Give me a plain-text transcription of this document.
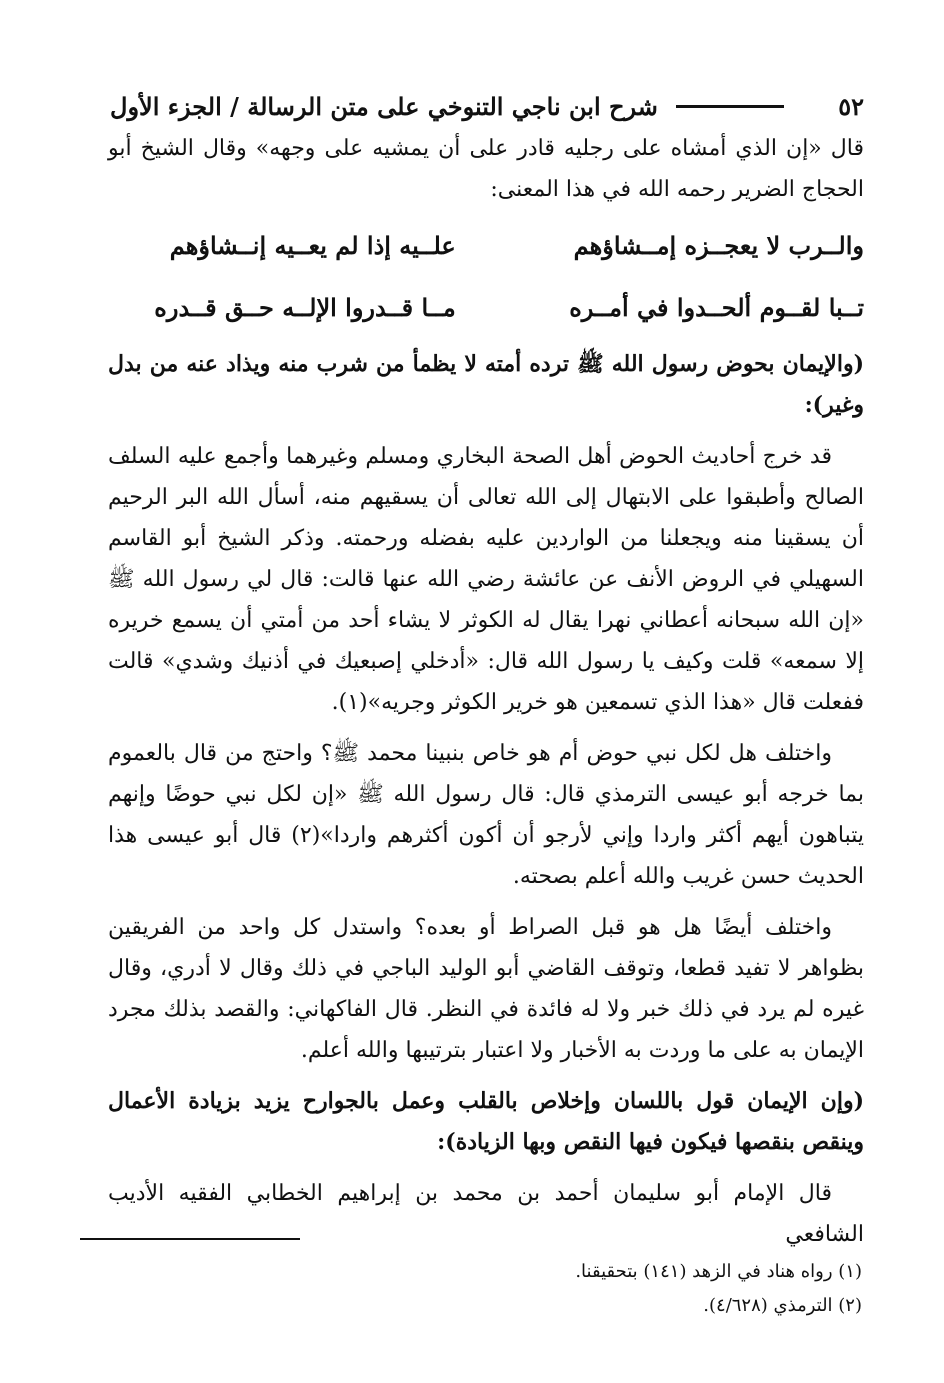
٥٢
شرح ابن ناجي التنوخي على متن الرسالة / الجزء الأول

قال «إن الذي أمشاه على رجليه قادر على أن يمشيه على وجهه» وقال الشيخ أبو الحجاج الضرير رحمه الله في هذا المعنى:

والــرب لا يعجــزه إمــشاؤهم
علــيه إذا لم يعــيه إنــشاؤهم
تــبا لقــوم ألحــدوا في أمــره
مــا قــدروا الإلــه حــق قــدره

(والإيمان بحوض رسول الله ﷺ ترده أمته لا يظمأ من شرب منه ويذاد عنه من بدل وغير):

قد خرج أحاديث الحوض أهل الصحة البخاري ومسلم وغيرهما وأجمع عليه السلف الصالح وأطبقوا على الابتهال إلى الله تعالى أن يسقيهم منه، أسأل الله البر الرحيم أن يسقينا منه ويجعلنا من الواردين عليه بفضله ورحمته. وذكر الشيخ أبو القاسم السهيلي في الروض الأنف عن عائشة رضي الله عنها قالت: قال لي رسول الله ﷺ «إن الله سبحانه أعطاني نهرا يقال له الكوثر لا يشاء أحد من أمتي أن يسمع خريره إلا سمعه» قلت وكيف يا رسول الله قال: «أدخلي إصبعيك في أذنيك وشدي» قالت ففعلت قال «هذا الذي تسمعين هو خرير الكوثر وجريه»(١).

واختلف هل لكل نبي حوض أم هو خاص بنبينا محمد ﷺ؟ واحتج من قال بالعموم بما خرجه أبو عيسى الترمذي قال: قال رسول الله ﷺ «إن لكل نبي حوضًا وإنهم يتباهون أيهم أكثر واردا وإني لأرجو أن أكون أكثرهم واردا»(٢) قال أبو عيسى هذا الحديث حسن غريب والله أعلم بصحته.

واختلف أيضًا هل هو قبل الصراط أو بعده؟ واستدل كل واحد من الفريقين بظواهر لا تفيد قطعا، وتوقف القاضي أبو الوليد الباجي في ذلك وقال لا أدري، وقال غيره لم يرد في ذلك خبر ولا له فائدة في النظر. قال الفاكهاني: والقصد بذلك مجرد الإيمان به على ما وردت به الأخبار ولا اعتبار بترتيبها والله أعلم.

(وإن الإيمان قول باللسان وإخلاص بالقلب وعمل بالجوارح يزيد بزيادة الأعمال وينقص بنقصها فيكون فيها النقص وبها الزيادة):

قال الإمام أبو سليمان أحمد بن محمد بن إبراهيم الخطابي الفقيه الأديب الشافعي

(١) رواه هناد في الزهد (١٤١) بتحقيقنا.
(٢) الترمذي (٤/٦٢٨).
